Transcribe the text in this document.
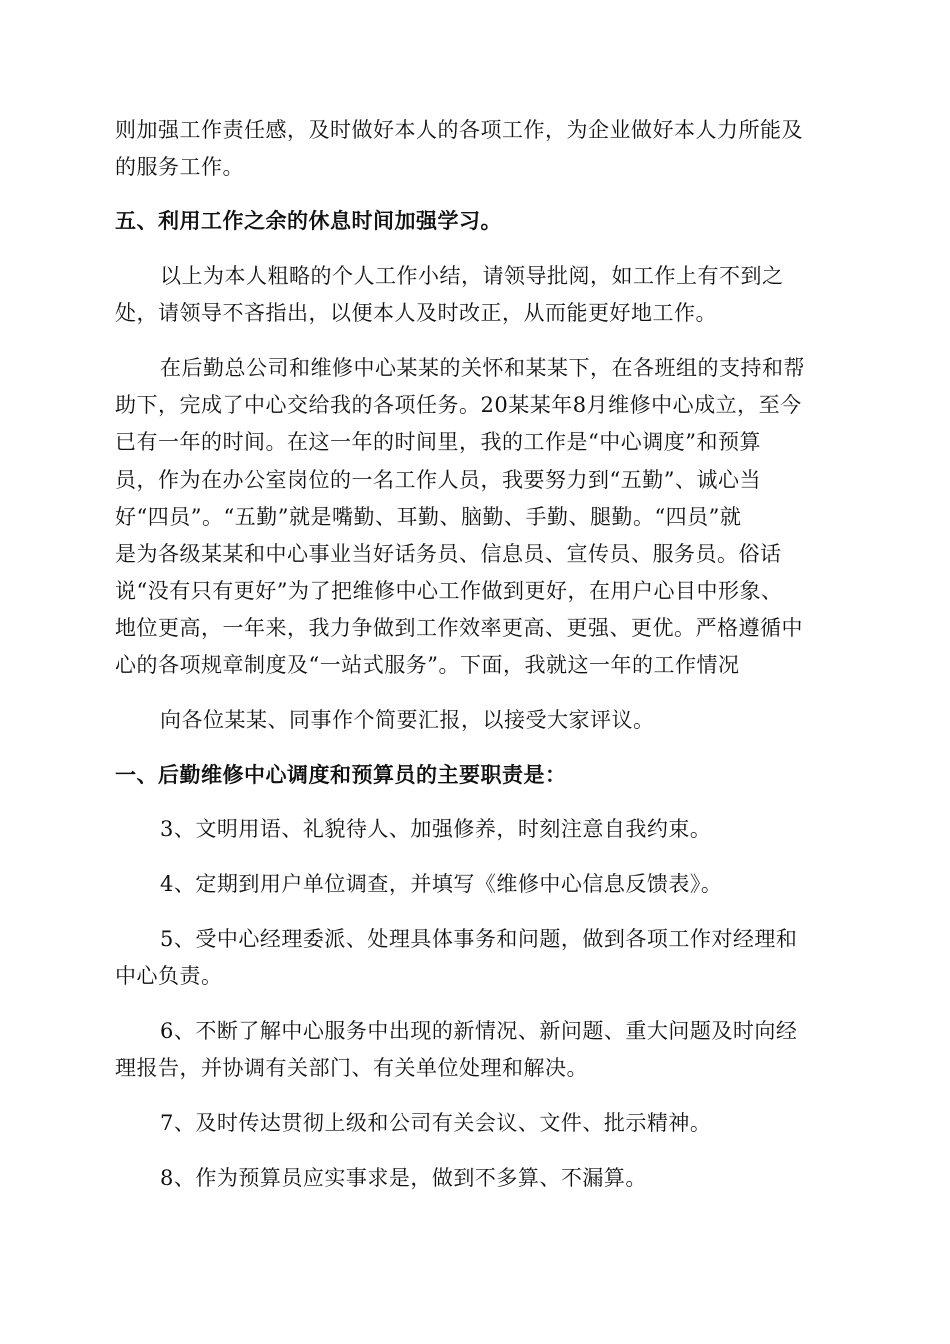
则加强工作责任感，及时做好本人的各项工作，为企业做好本人力所能及
的服务工作。
五、利用工作之余的休息时间加强学习。
以上为本人粗略的个人工作小结，请领导批阅，如工作上有不到之
处，请领导不吝指出，以便本人及时改正，从而能更好地工作。
在后勤总公司和维修中心某某的关怀和某某下，在各班组的支持和帮
助下，完成了中心交给我的各项任务。20某某年8月维修中心成立，至今
已有一年的时间。在这一年的时间里，我的工作是“中心调度”和预算
员，作为在办公室岗位的一名工作人员，我要努力到“五勤”、诚心当
好“四员”。“五勤”就是嘴勤、耳勤、脑勤、手勤、腿勤。“四员”就
是为各级某某和中心事业当好话务员、信息员、宣传员、服务员。俗话
说“没有只有更好”为了把维修中心工作做到更好，在用户心目中形象、
地位更高，一年来，我力争做到工作效率更高、更强、更优。严格遵循中
心的各项规章制度及“一站式服务”。下面，我就这一年的工作情况
向各位某某、同事作个简要汇报，以接受大家评议。
一、后勤维修中心调度和预算员的主要职责是：
3、文明用语、礼貌待人、加强修养，时刻注意自我约束。
4、定期到用户单位调查，并填写《维修中心信息反馈表》。
5、受中心经理委派、处理具体事务和问题，做到各项工作对经理和
中心负责。
6、不断了解中心服务中出现的新情况、新问题、重大问题及时向经
理报告，并协调有关部门、有关单位处理和解决。
7、及时传达贯彻上级和公司有关会议、文件、批示精神。
8、作为预算员应实事求是，做到不多算、不漏算。
